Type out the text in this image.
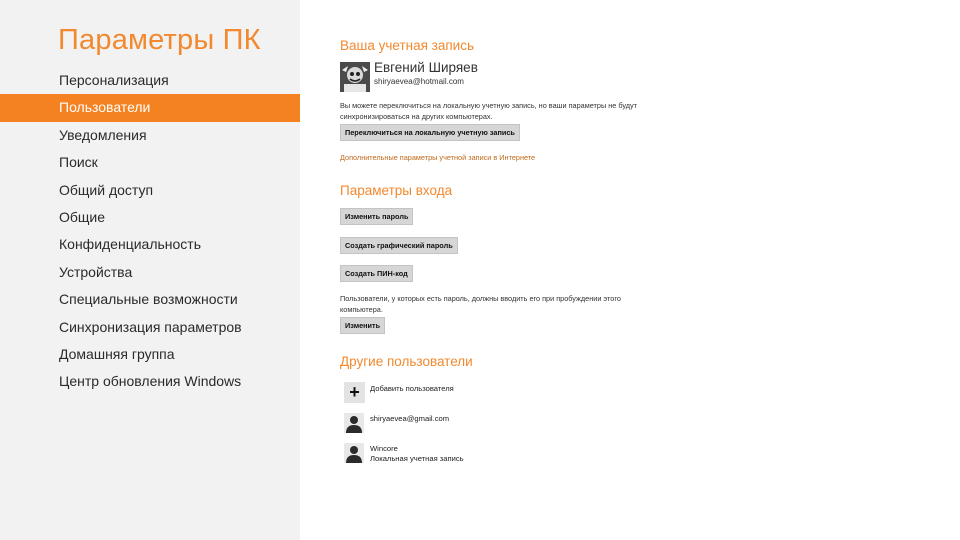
Параметры ПК
Персонализация
Пользователи
Уведомления
Поиск
Общий доступ
Общие
Конфиденциальность
Устройства
Специальные возможности
Синхронизация параметров
Домашняя группа
Центр обновления Windows
Ваша учетная запись
Евгений Ширяев
shiryaevea@hotmail.com
Вы можете переключиться на локальную учетную запись, но ваши параметры не будут
синхронизироваться на других компьютерах.
Переключиться на локальную учетную запись
Дополнительные параметры учетной записи в Интернете
Параметры входа
Изменить пароль
Создать графический пароль
Создать ПИН-код
Пользователи, у которых есть пароль, должны вводить его при пробуждении этого
компьютера.
Изменить
Другие пользователи
+	Добавить пользователя
shiryaevea@gmail.com
Wincore
Локальная учетная запись
